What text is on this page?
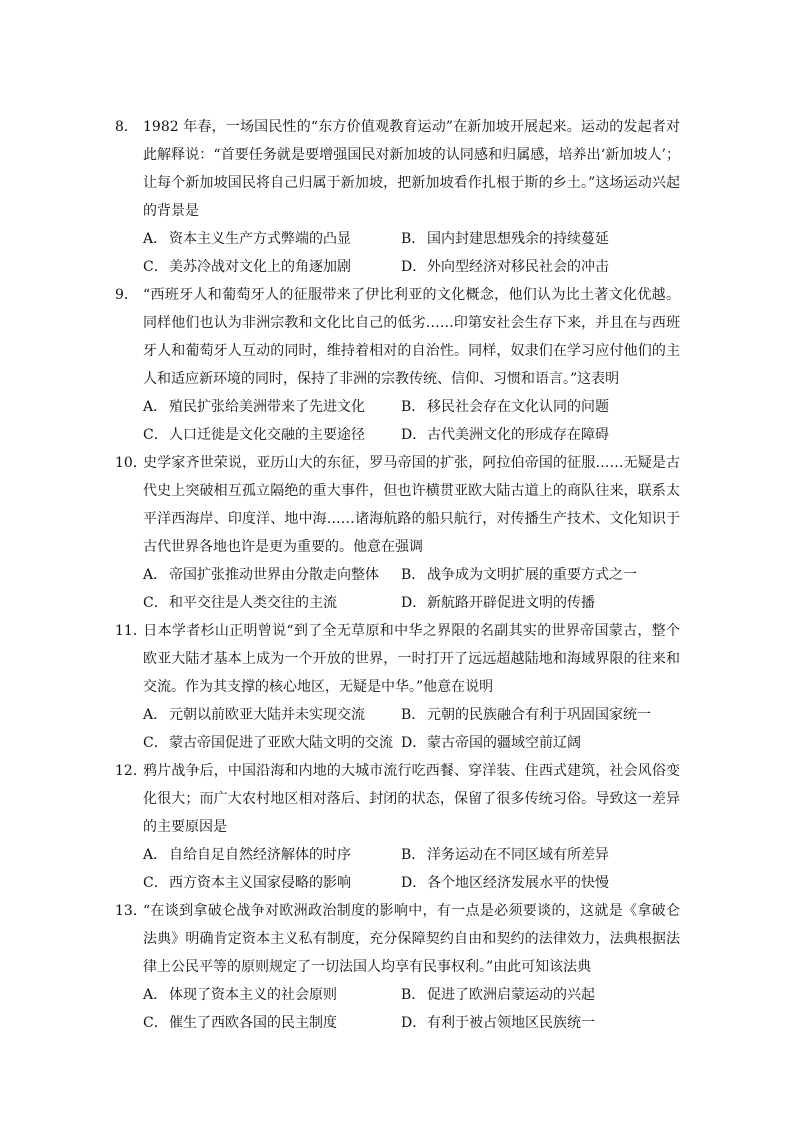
8． 1982 年春，一场国民性的“东方价值观教育运动”在新加坡开展起来。运动的发起者对此解释说：“首要任务就是要增强国民对新加坡的认同感和归属感，培养出‘新加坡人’；让每个新加坡国民将自己归属于新加坡，把新加坡看作扎根于斯的乡土。”这场运动兴起的背景是

A． 资本主义生产方式弊端的凸显	B． 国内封建思想残余的持续蔓延
C．美苏冷战对文化上的角逐加剧	D．外向型经济对移民社会的冲击

9． “西班牙人和葡萄牙人的征服带来了伊比利亚的文化概念，他们认为比土著文化优越。同样他们也认为非洲宗教和文化比自己的低劣……印第安社会生存下来，并且在与西班牙人和葡萄牙人互动的同时，维持着相对的自治性。同样，奴隶们在学习应付他们的主人和适应新环境的同时，保持了非洲的宗教传统、信仰、习惯和语言。”这表明

A． 殖民扩张给美洲带来了先进文化	B． 移民社会存在文化认同的问题
C．人口迁徙是文化交融的主要途径	D．古代美洲文化的形成存在障碍

10．史学家齐世荣说，亚历山大的东征，罗马帝国的扩张，阿拉伯帝国的征服……无疑是古代史上突破相互孤立隔绝的重大事件，但也许横贯亚欧大陆古道上的商队往来，联系太平洋西海岸、印度洋、地中海……诸海航路的船只航行，对传播生产技术、文化知识于古代世界各地也许是更为重要的。他意在强调

A． 帝国扩张推动世界由分散走向整体	B． 战争成为文明扩展的重要方式之一
C．和平交往是人类交往的主流	D．新航路开辟促进文明的传播

11．日本学者杉山正明曾说“到了全无草原和中华之界限的名副其实的世界帝国蒙古，整个欧亚大陆才基本上成为一个开放的世界，一时打开了远远超越陆地和海域界限的往来和交流。作为其支撑的核心地区，无疑是中华。”他意在说明

A． 元朝以前欧亚大陆并未实现交流	B． 元朝的民族融合有利于巩固国家统一
C．蒙古帝国促进了亚欧大陆文明的交流 D．蒙古帝国的疆域空前辽阔

12．鸦片战争后，中国沿海和内地的大城市流行吃西餐、穿洋装、住西式建筑，社会风俗变化很大；而广大农村地区相对落后、封闭的状态，保留了很多传统习俗。导致这一差异的主要原因是

A． 自给自足自然经济解体的时序	B． 洋务运动在不同区域有所差异
C．西方资本主义国家侵略的影响	D．各个地区经济发展水平的快慢

13．“在谈到拿破仑战争对欧洲政治制度的影响中，有一点是必须要谈的，这就是《拿破仑法典》明确肯定资本主义私有制度，充分保障契约自由和契约的法律效力，法典根据法律上公民平等的原则规定了一切法国人均享有民事权利。”由此可知该法典

A． 体现了资本主义的社会原则	B． 促进了欧洲启蒙运动的兴起
C．催生了西欧各国的民主制度	D．有利于被占领地区民族统一
